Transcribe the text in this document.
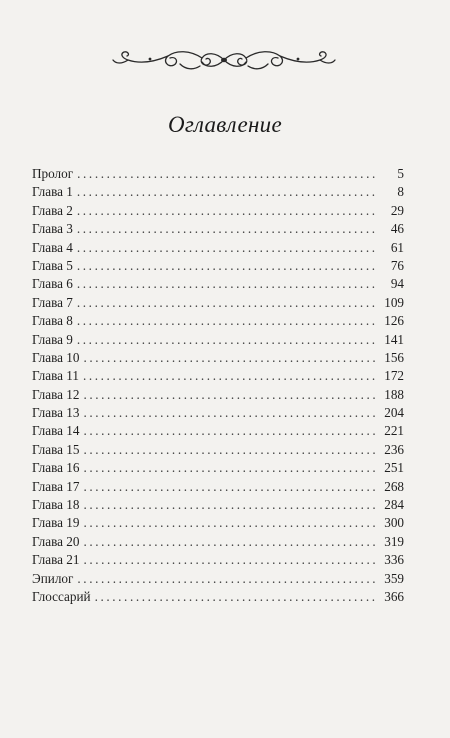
Оглавление
Пролог .....	5
Глава 1 .....	8
Глава 2 .....	29
Глава 3 .....	46
Глава 4 .....	61
Глава 5 .....	76
Глава 6 .....	94
Глава 7 .....	109
Глава 8 .....	126
Глава 9 .....	141
Глава 10 .....	156
Глава 11 .....	172
Глава 12 .....	188
Глава 13 .....	204
Глава 14 .....	221
Глава 15 .....	236
Глава 16 .....	251
Глава 17 .....	268
Глава 18 .....	284
Глава 19 .....	300
Глава 20 .....	319
Глава 21 .....	336
Эпилог .....	359
Глоссарий .....	366
